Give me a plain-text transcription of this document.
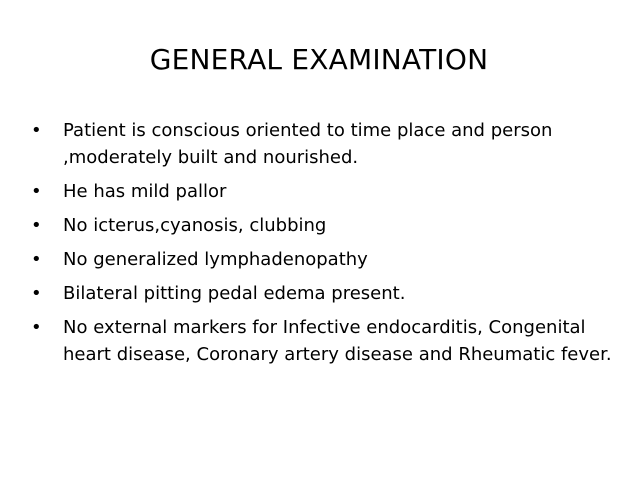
GENERAL EXAMINATION
•	Patient is conscious oriented to time place and person ,moderately built and nourished.
•	He has mild pallor
•	No icterus,cyanosis, clubbing
•	No generalized lymphadenopathy
•	Bilateral pitting pedal edema present.
•	No external markers for Infective endocarditis, Congenital heart disease, Coronary artery disease and Rheumatic fever.
